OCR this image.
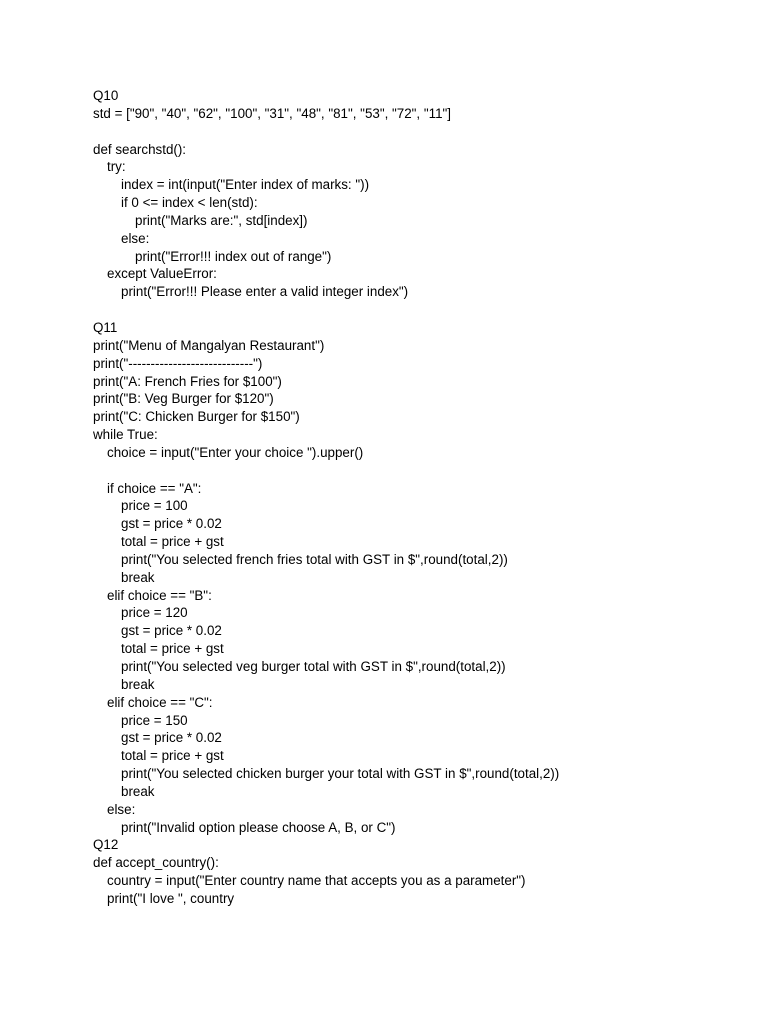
Q10
std = ["90", "40", "62", "100", "31", "48", "81", "53", "72", "11"]
def searchstd():
try:
index = int(input("Enter index of marks: "))
if 0 <= index < len(std):
print("Marks are:", std[index])
else:
print("Error!!! index out of range")
except ValueError:
print("Error!!! Please enter a valid integer index")
Q11
print("Menu of Mangalyan Restaurant")
print("----------------------------")
print("A: French Fries for $100")
print("B: Veg Burger for $120")
print("C: Chicken Burger for $150")
while True:
choice = input("Enter your choice ").upper()
if choice == "A":
price = 100
gst = price * 0.02
total = price + gst
print("You selected french fries total with GST in $",round(total,2))
break
elif choice == "B":
price = 120
gst = price * 0.02
total = price + gst
print("You selected veg burger total with GST in $",round(total,2))
break
elif choice == "C":
price = 150
gst = price * 0.02
total = price + gst
print("You selected chicken burger your total with GST in $",round(total,2))
break
else:
print("Invalid option please choose A, B, or C")
Q12
def accept_country():
country = input("Enter country name that accepts you as a parameter")
print("I love ", country
